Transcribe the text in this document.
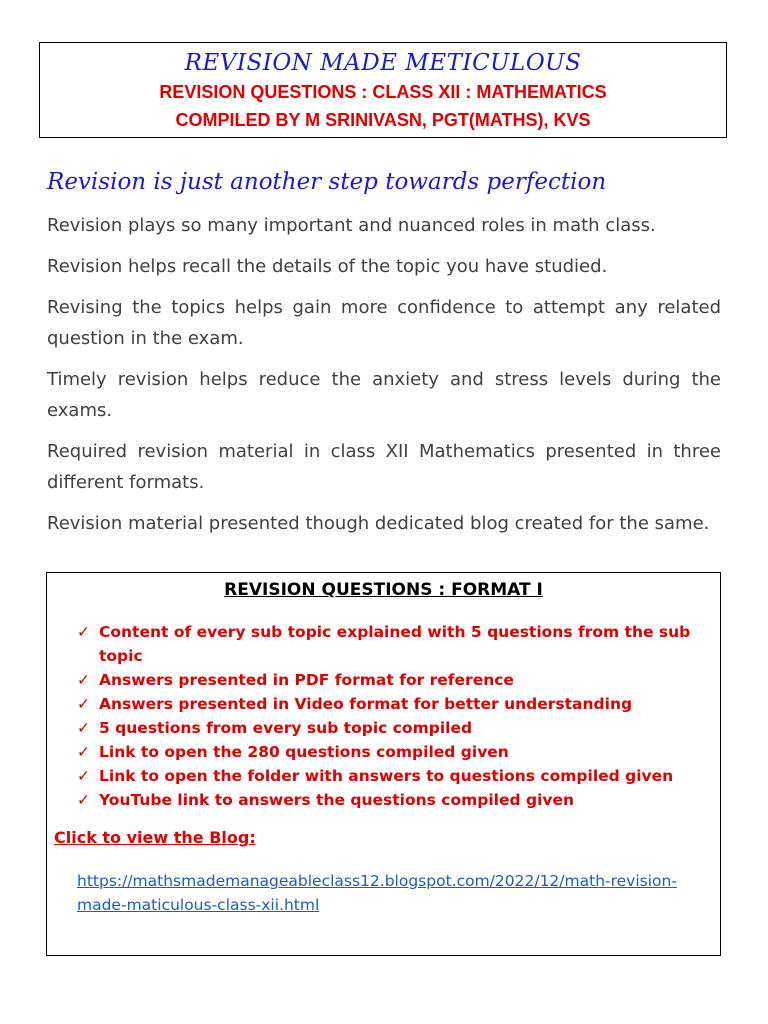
REVISION MADE METICULOUS
REVISION QUESTIONS : CLASS XII : MATHEMATICS
COMPILED BY M SRINIVASN, PGT(MATHS), KVS
Revision is just another step towards perfection

Revision plays so many important and nuanced roles in math class.

Revision helps recall the details of the topic you have studied.

Revising the topics helps gain more confidence to attempt any related question in the exam.

Timely revision helps reduce the anxiety and stress levels during the exams.

Required revision material in class XII Mathematics presented in three different formats.

Revision material presented though dedicated blog created for the same.

REVISION QUESTIONS : FORMAT I
✓ Content of every sub topic explained with 5 questions from the sub topic
✓ Answers presented in PDF format for reference
✓ Answers presented in Video format for better understanding
✓ 5 questions from every sub topic compiled
✓ Link to open the 280 questions compiled given
✓ Link to open the folder with answers to questions compiled given
✓ YouTube link to answers the questions compiled given
Click to view the Blog:
https://mathsmademanageableclass12.blogspot.com/2022/12/math-revision-made-maticulous-class-xii.html
